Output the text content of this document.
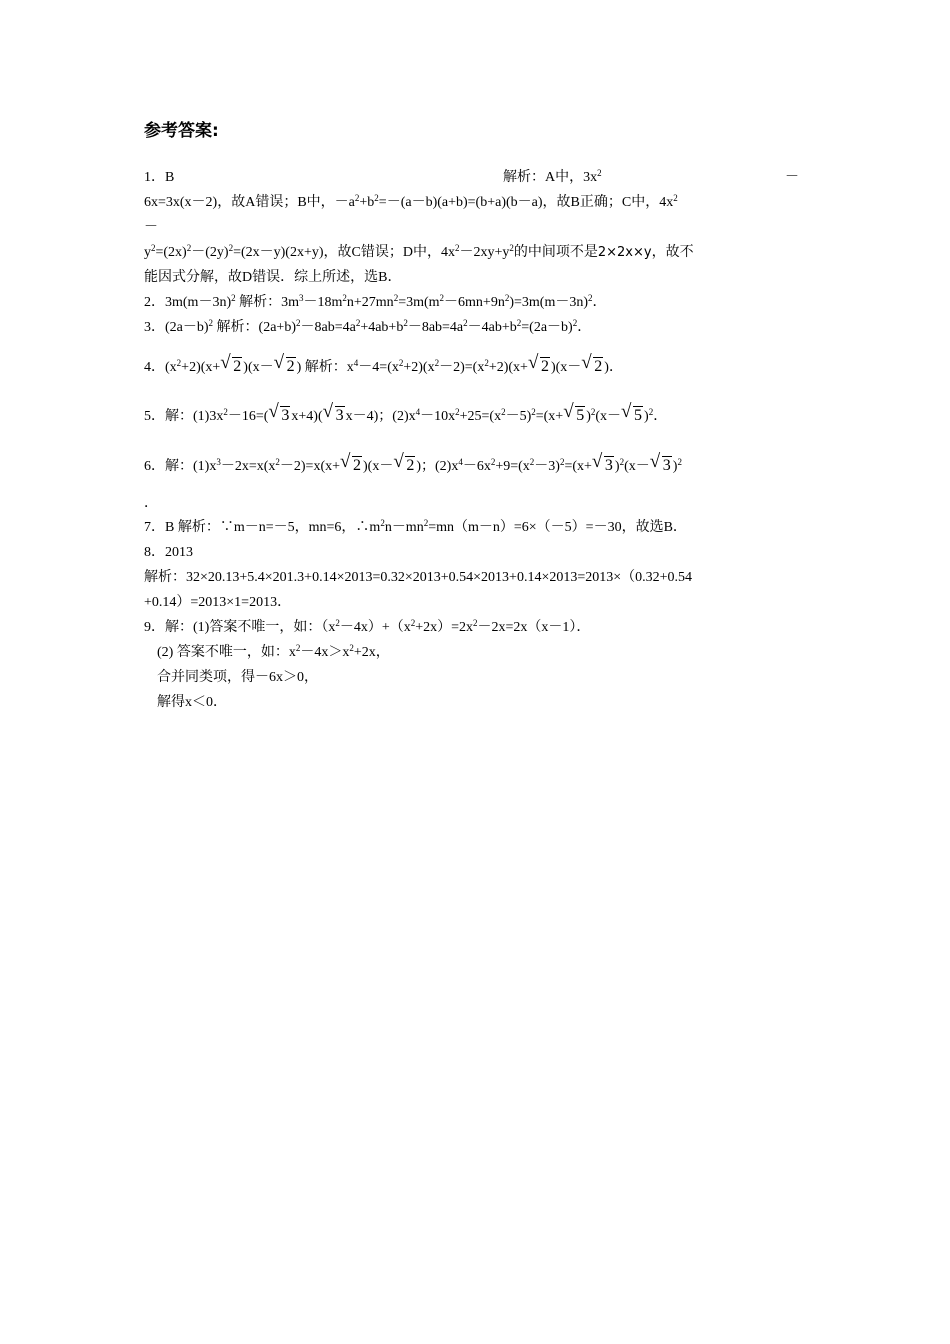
参考答案:
1．B	解析：A中，$3x^2$	－
6x=3x(x－2)，故A错误；B中，$-a^2+b^2=-(a-b)(a+b)=(b+a)(b-a)$，故B正确；C中，$4x^2$
－
$y^2=(2x)^2-(2y)^2=(2x-y)(2x+y)$，故C错误；D中，$4x^2-2xy+y^2$的中间项不是2×2x×y，故不
能因式分解，故D错误．综上所述，选B．
2．$3m(m-3n)^2$ 解析：$3m^3-18m^2n+27mn^2=3m(m^2-6mn+9n^2)=3m(m-3n)^2$．
3．$(2a-b)^2$ 解析：$(2a+b)^2-8ab=4a^2+4ab+b^2-8ab=4a^2-4ab+b^2=(2a-b)^2$．
4．$(x^2+2)(x+√$ 2 )(x－√ 2 ) 解析：$x^4-4=(x^2+2)(x^2-2)=(x^2+2)(x+√$ 2 )(x－√ 2 )．
5．解：$(1)3x^2-16=(√$ 3 x+4)(√ 3 x－4)；$(2)x^4-10x^2+25=(x^2-5)^2=(x+√$ 5 )$^2$(x－√ 5 )$^2$．
6．解：$(1)x^3-2x=x(x^2-2)=x(x+√$ 2 )(x－√ 2 )；$(2)x^4-6x^2+9=(x^2-3)^2=(x+√$ 3 )$^2$(x－√ 3 )$^2$
．
7．B 解析：∵m－n=－5，mn=6，$\therefore m^2n-mn^2=mn(m-n)=6\times(-5)=-30$，故选B．
8．2013
解析：32×20.13+5.4×201.3+0.14×2013=0.32×2013+0.54×2013+0.14×2013=2013×（0.32+0.54
+0.14）=2013×1=2013．
9．解：(1)答案不唯一，如：$(x^2-4x)+(x^2+2x)=2x^2-2x=2x(x-1)$．
(2) 答案不唯一，如：$x^2-4x>x^2+2x$，
合并同类项，得－6x＞0，
解得x＜0．
